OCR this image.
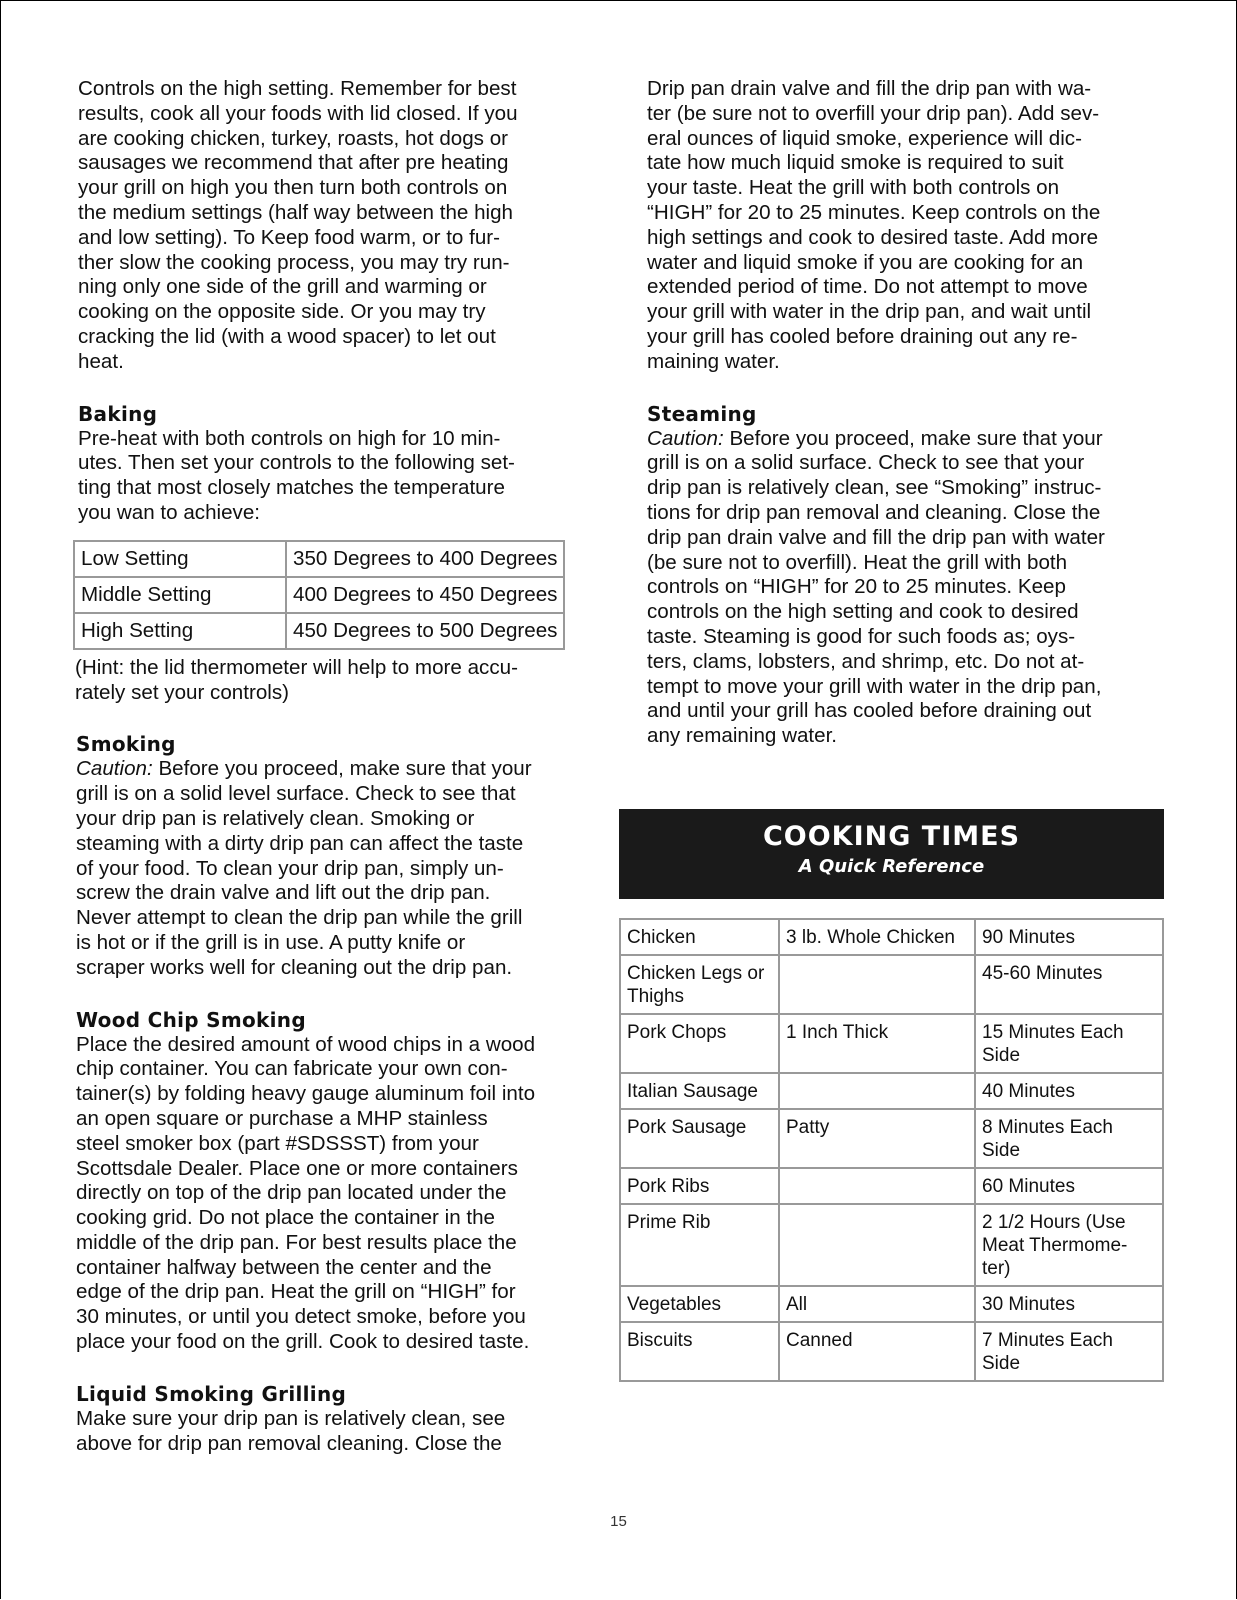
Controls on the high setting. Remember for best
results, cook all your foods with lid closed. If you
are cooking chicken, turkey, roasts, hot dogs or
sausages we recommend that after pre heating
your grill on high you then turn both controls on
the medium settings (half way between the high
and low setting). To Keep food warm, or to fur-
ther slow the cooking process, you may try run-
ning only one side of the grill and warming or
cooking on the opposite side. Or you may try
cracking the lid (with a wood spacer) to let out
heat.

Baking

Pre-heat with both controls on high for 10 min-
utes. Then set your controls to the following set-
ting that most closely matches the temperature
you wan to achieve:

Low Setting	350 Degrees to 400 Degrees
Middle Setting	400 Degrees to 450 Degrees
High Setting	450 Degrees to 500 Degrees

(Hint: the lid thermometer will help to more accu-
rately set your controls)

Smoking

Caution: Before you proceed, make sure that your
grill is on a solid level surface. Check to see that
your drip pan is relatively clean. Smoking or
steaming with a dirty drip pan can affect the taste
of your food. To clean your drip pan, simply un-
screw the drain valve and lift out the drip pan.
Never attempt to clean the drip pan while the grill
is hot or if the grill is in use. A putty knife or
scraper works well for cleaning out the drip pan.

Wood Chip Smoking

Place the desired amount of wood chips in a wood
chip container. You can fabricate your own con-
tainer(s) by folding heavy gauge aluminum foil into
an open square or purchase a MHP stainless
steel smoker box (part #SDSSST) from your
Scottsdale Dealer. Place one or more containers
directly on top of the drip pan located under the
cooking grid. Do not place the container in the
middle of the drip pan. For best results place the
container halfway between the center and the
edge of the drip pan. Heat the grill on “HIGH” for
30 minutes, or until you detect smoke, before you
place your food on the grill. Cook to desired taste.

Liquid Smoking Grilling

Make sure your drip pan is relatively clean, see
above for drip pan removal cleaning. Close the

Drip pan drain valve and fill the drip pan with wa-
ter (be sure not to overfill your drip pan). Add sev-
eral ounces of liquid smoke, experience will dic-
tate how much liquid smoke is required to suit
your taste. Heat the grill with both controls on
“HIGH” for 20 to 25 minutes. Keep controls on the
high settings and cook to desired taste. Add more
water and liquid smoke if you are cooking for an
extended period of time. Do not attempt to move
your grill with water in the drip pan, and wait until
your grill has cooled before draining out any re-
maining water.

Steaming

Caution: Before you proceed, make sure that your
grill is on a solid surface. Check to see that your
drip pan is relatively clean, see “Smoking” instruc-
tions for drip pan removal and cleaning. Close the
drip pan drain valve and fill the drip pan with water
(be sure not to overfill). Heat the grill with both
controls on “HIGH” for 20 to 25 minutes. Keep
controls on the high setting and cook to desired
taste. Steaming is good for such foods as; oys-
ters, clams, lobsters, and shrimp, etc. Do not at-
tempt to move your grill with water in the drip pan,
and until your grill has cooled before draining out
any remaining water.

COOKING TIMES
A Quick Reference
Chicken	3 lb. Whole Chicken	90 Minutes
Chicken Legs or
Thighs		45-60 Minutes
Pork Chops	1 Inch Thick	15 Minutes Each
Side
Italian Sausage		40 Minutes
Pork Sausage	Patty	8 Minutes Each
Side
Pork Ribs		60 Minutes
Prime Rib		2 1/2 Hours (Use
Meat Thermome-
ter)
Vegetables	All	30 Minutes
Biscuits	Canned	7 Minutes Each
Side
15
